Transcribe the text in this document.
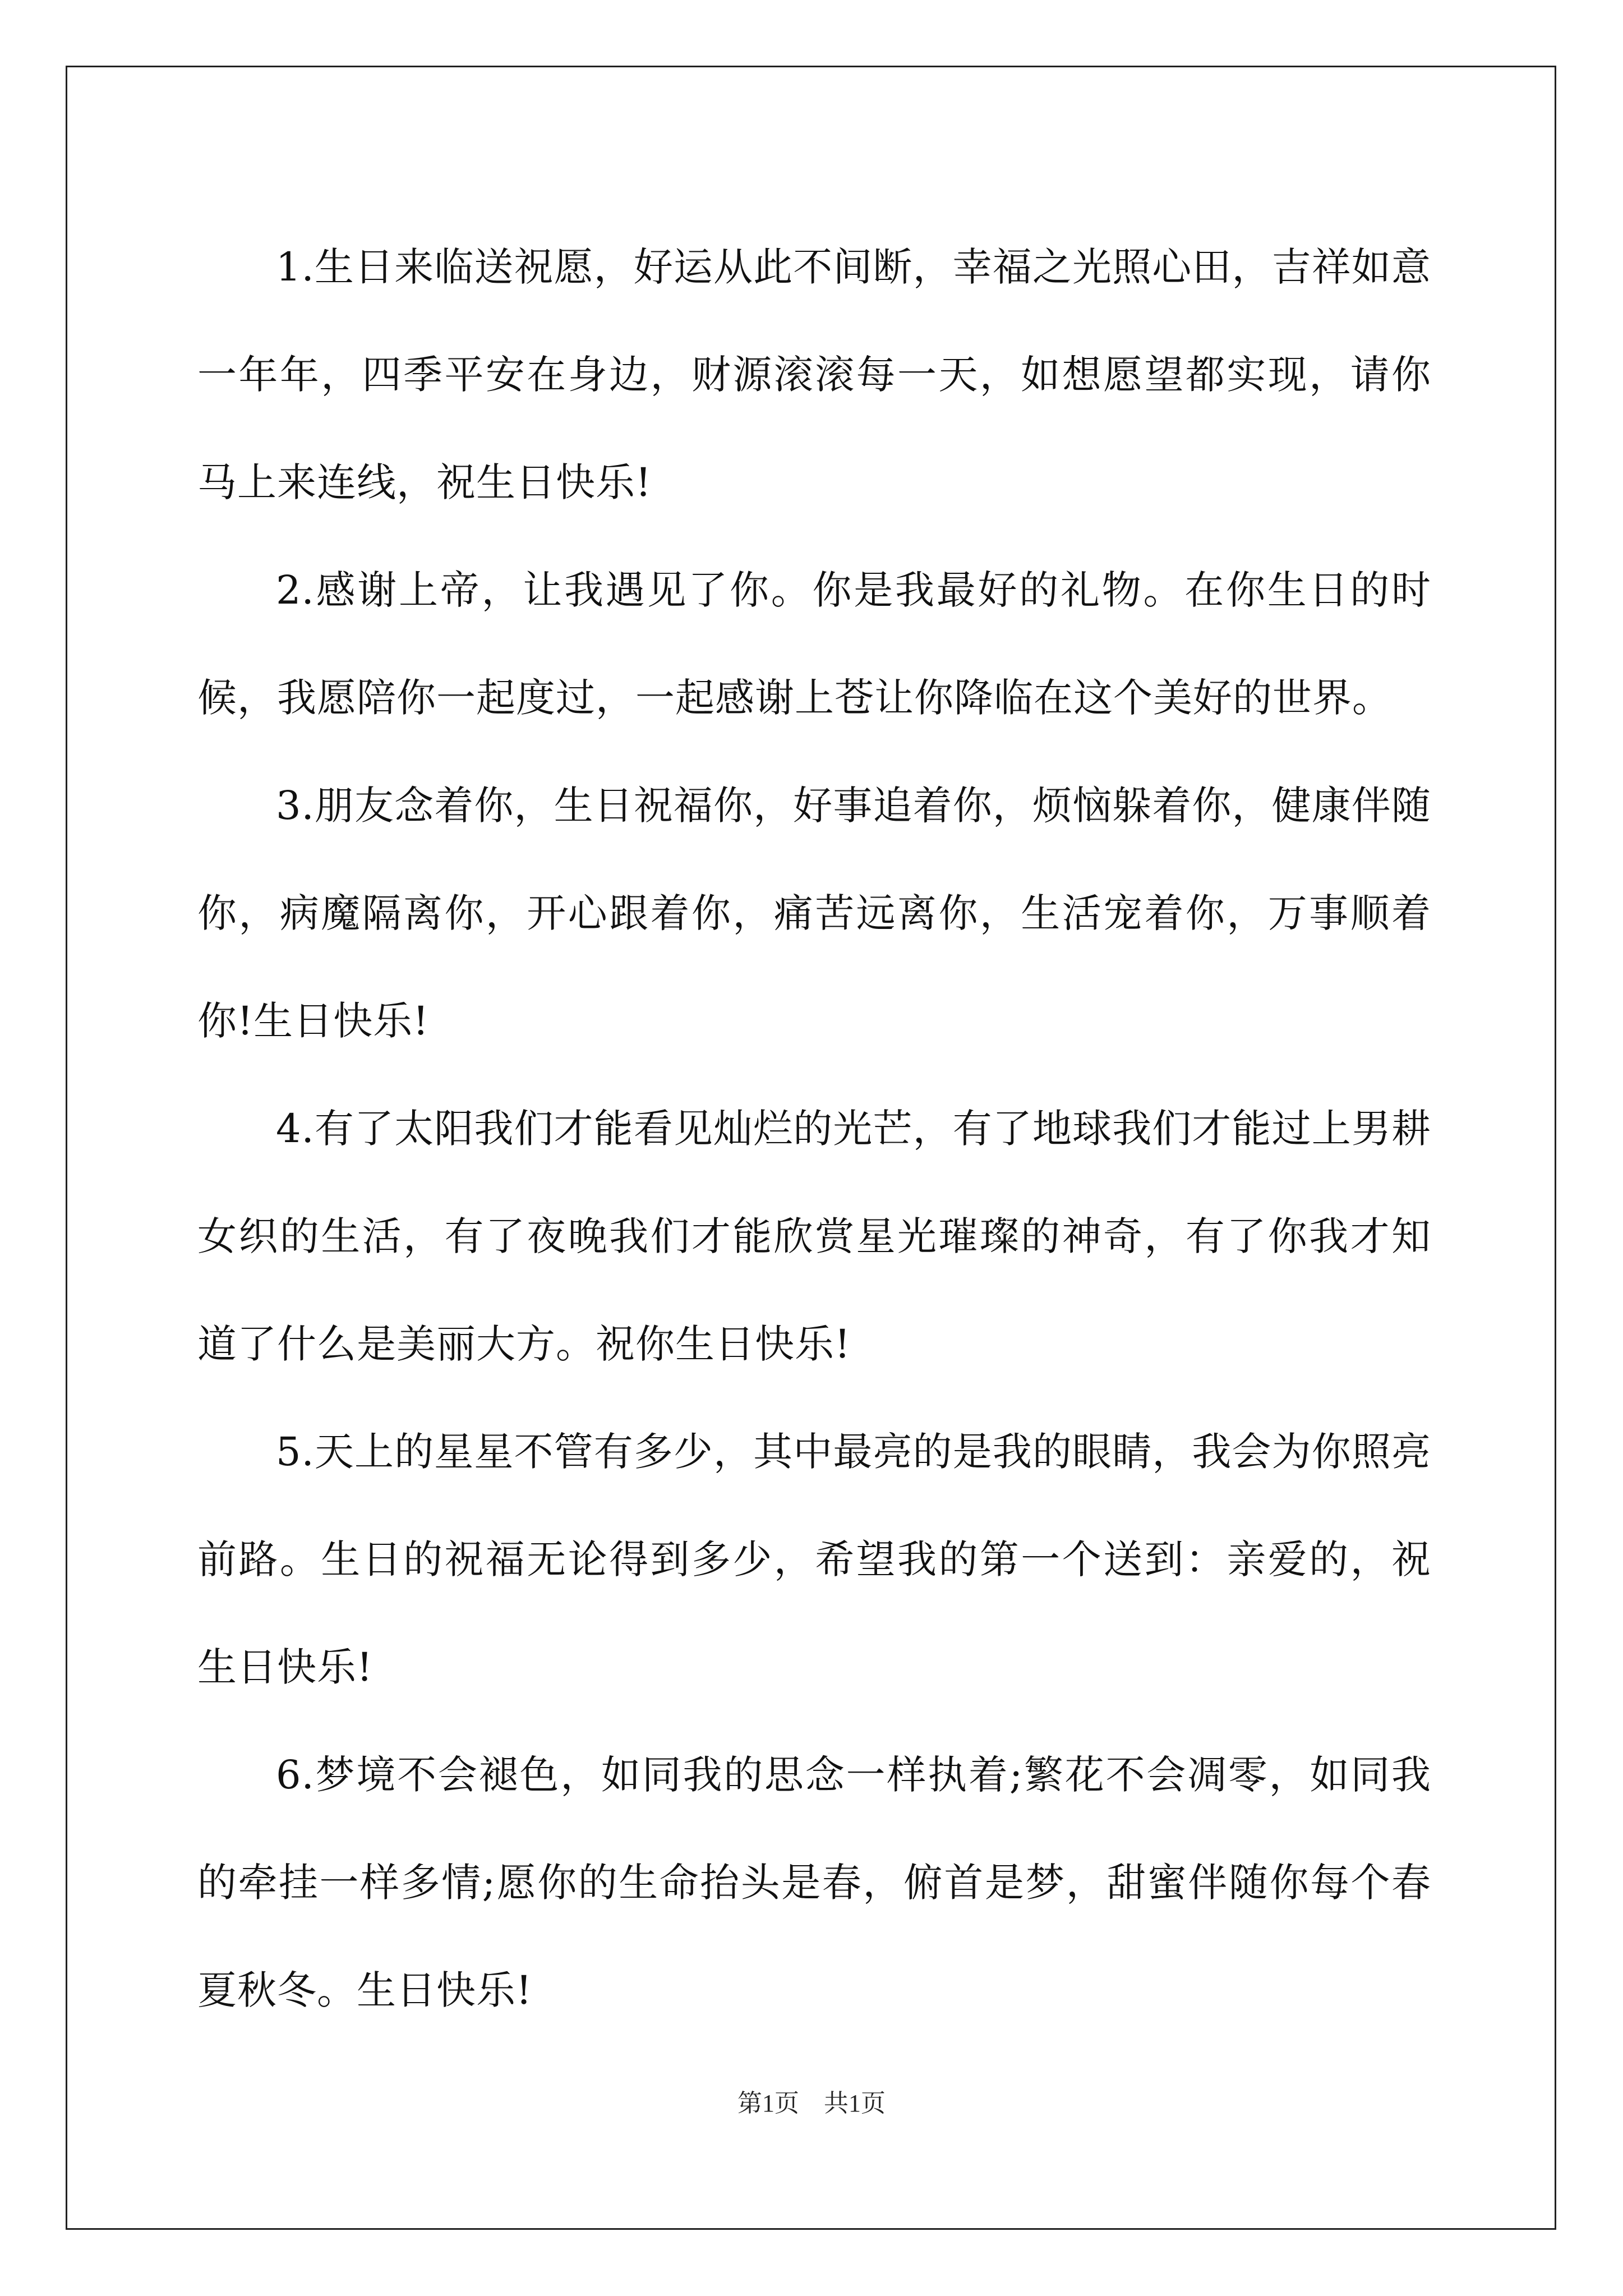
1.生日来临送祝愿，好运从此不间断，幸福之光照心田，吉祥如意一年年，四季平安在身边，财源滚滚每一天，如想愿望都实现，请你马上来连线，祝生日快乐!

2.感谢上帝，让我遇见了你。你是我最好的礼物。在你生日的时候，我愿陪你一起度过，一起感谢上苍让你降临在这个美好的世界。

3.朋友念着你，生日祝福你，好事追着你，烦恼躲着你，健康伴随你，病魔隔离你，开心跟着你，痛苦远离你，生活宠着你，万事顺着你!生日快乐!

4.有了太阳我们才能看见灿烂的光芒，有了地球我们才能过上男耕女织的生活，有了夜晚我们才能欣赏星光璀璨的神奇，有了你我才知道了什么是美丽大方。祝你生日快乐!

5.天上的星星不管有多少，其中最亮的是我的眼睛，我会为你照亮前路。生日的祝福无论得到多少，希望我的第一个送到：亲爱的，祝生日快乐!

6.梦境不会褪色，如同我的思念一样执着;繁花不会凋零，如同我的牵挂一样多情;愿你的生命抬头是春，俯首是梦，甜蜜伴随你每个春夏秋冬。生日快乐!

第1页　共1页
